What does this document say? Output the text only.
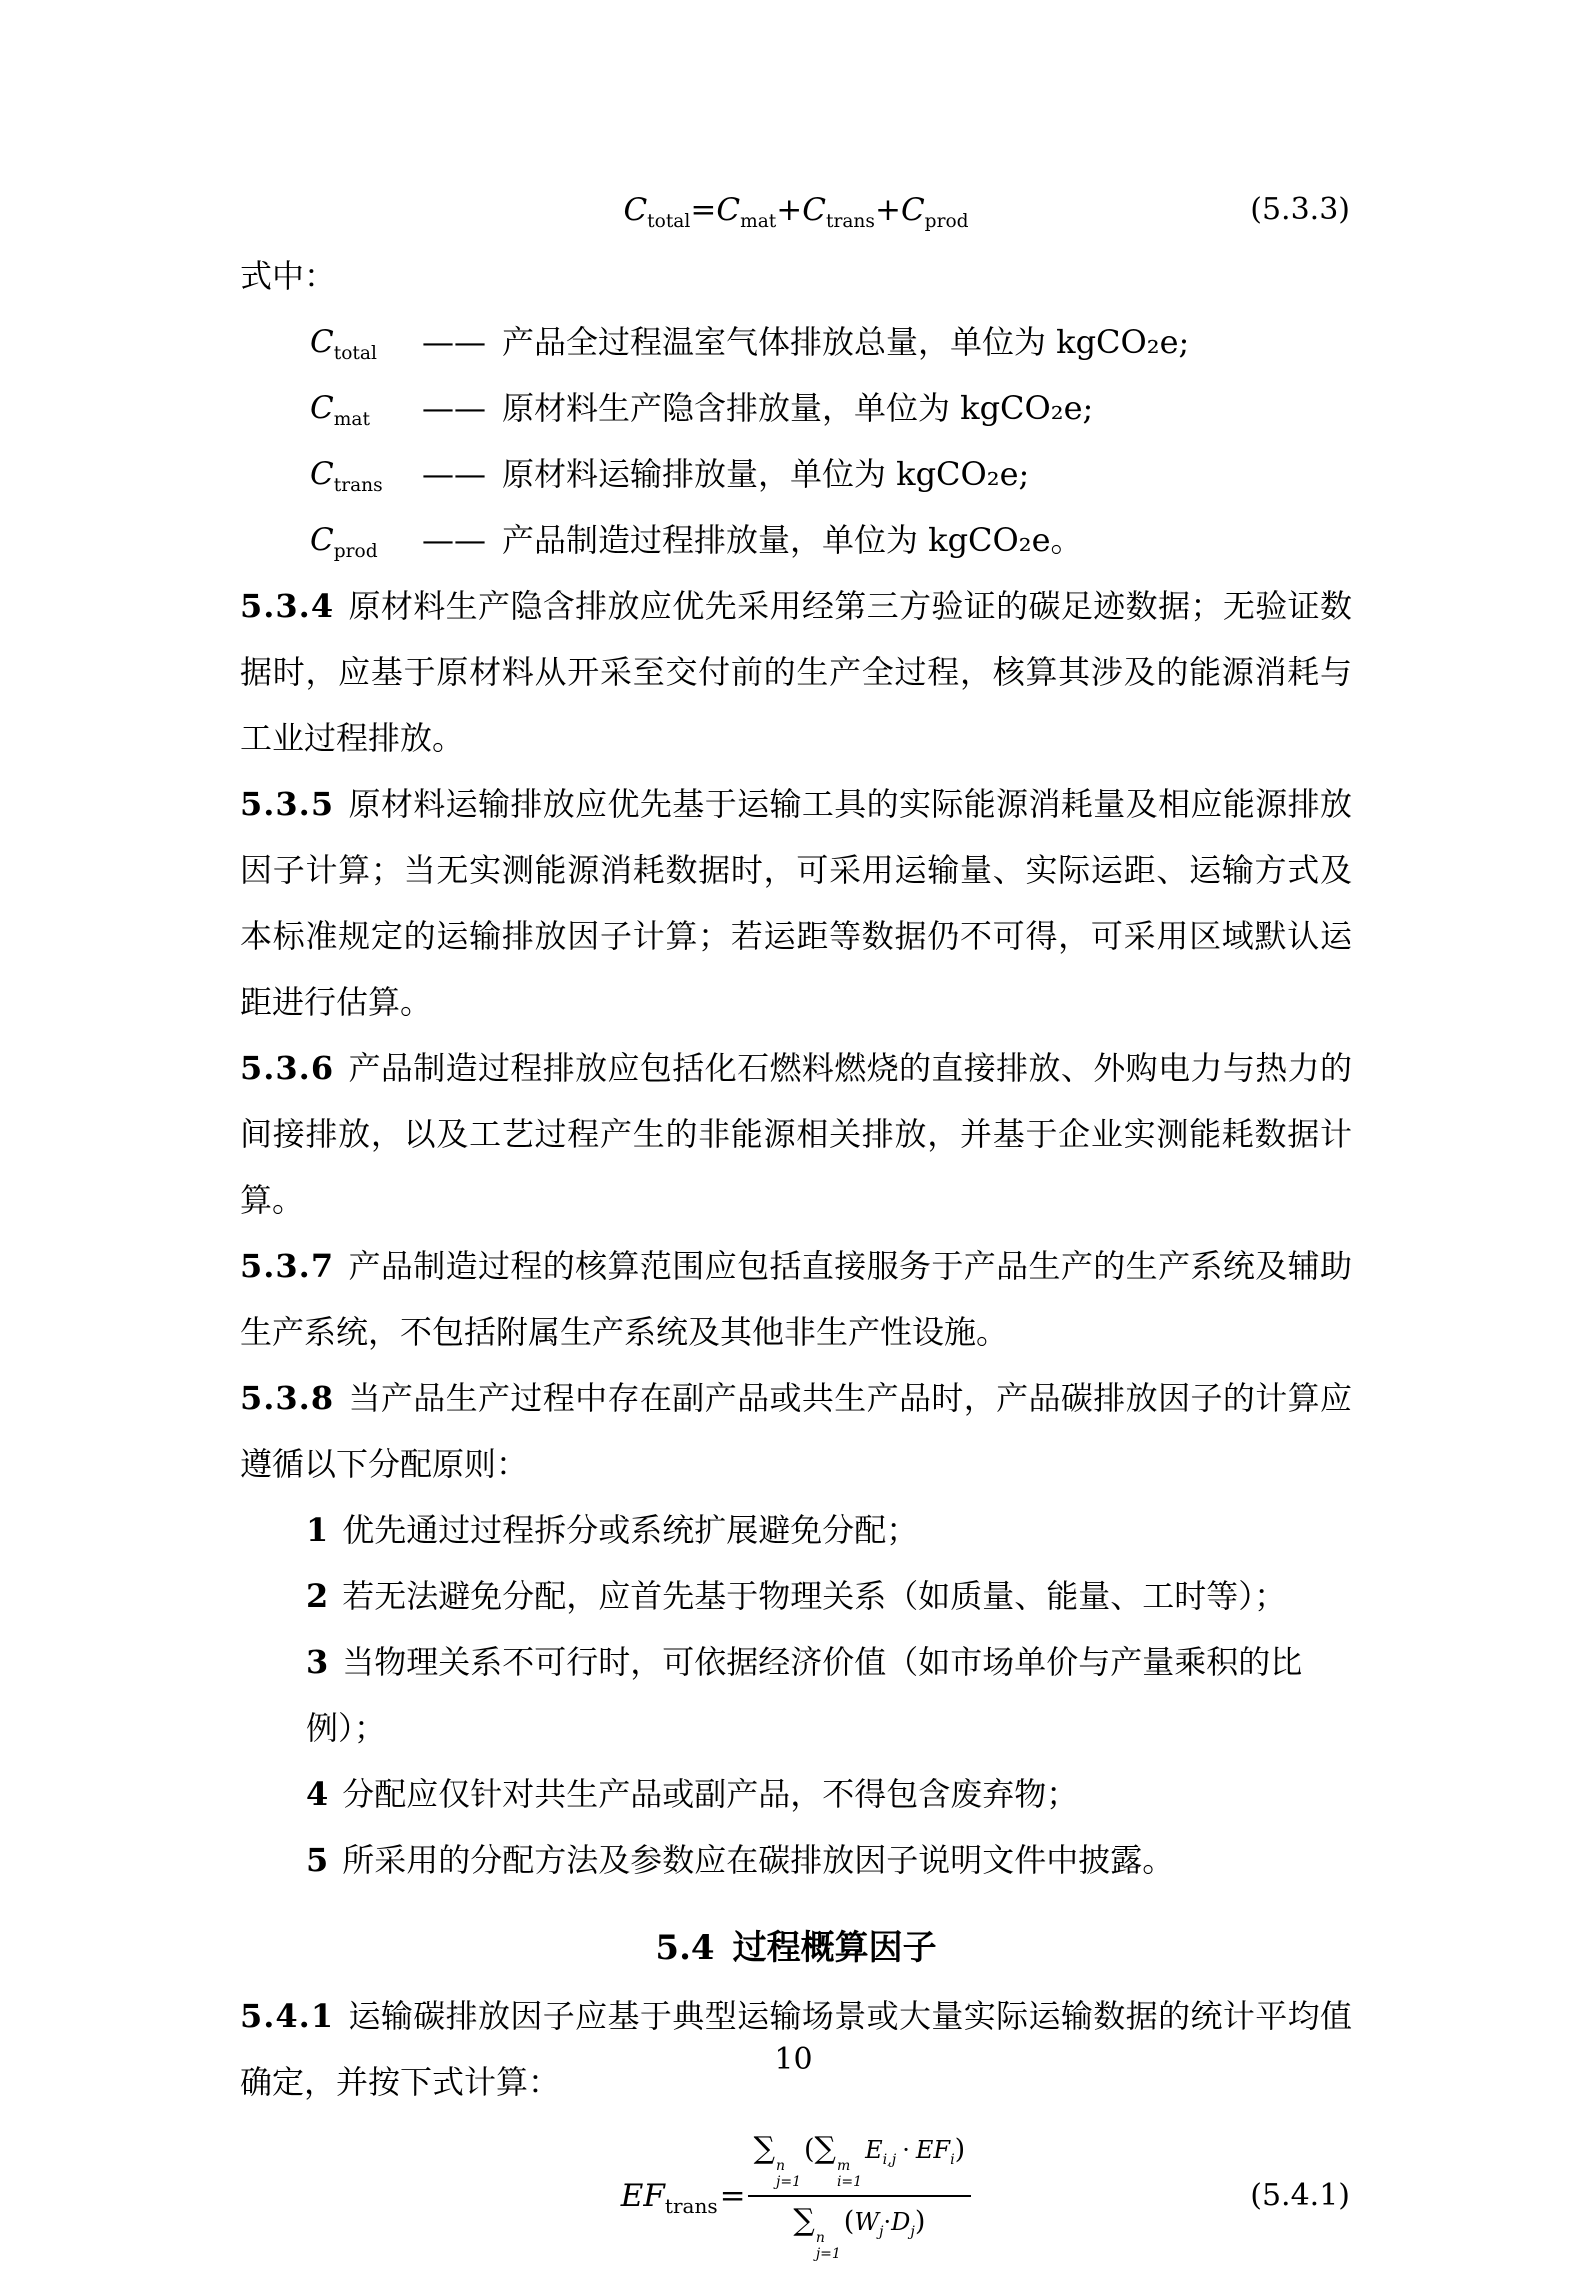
$C_{total}=C_{mat}+C_{trans}+C_{prod}$	(5.3.3)

式中：

$C_{total}$	—— 产品全过程温室气体排放总量，单位为 kgCO₂e;
$C_{mat}$	—— 原材料生产隐含排放量，单位为 kgCO₂e;
$C_{trans}$	—— 原材料运输排放量，单位为 kgCO₂e;
$C_{prod}$	—— 产品制造过程排放量，单位为 kgCO₂e。

5.3.4 原材料生产隐含排放应优先采用经第三方验证的碳足迹数据；无验证数据时，应基于原材料从开采至交付前的生产全过程，核算其涉及的能源消耗与工业过程排放。

5.3.5 原材料运输排放应优先基于运输工具的实际能源消耗量及相应能源排放因子计算；当无实测能源消耗数据时，可采用运输量、实际运距、运输方式及本标准规定的运输排放因子计算；若运距等数据仍不可得，可采用区域默认运距进行估算。

5.3.6 产品制造过程排放应包括化石燃料燃烧的直接排放、外购电力与热力的间接排放，以及工艺过程产生的非能源相关排放，并基于企业实测能耗数据计算。

5.3.7 产品制造过程的核算范围应包括直接服务于产品生产的生产系统及辅助生产系统，不包括附属生产系统及其他非生产性设施。

5.3.8 当产品生产过程中存在副产品或共生产品时，产品碳排放因子的计算应遵循以下分配原则：

1 优先通过过程拆分或系统扩展避免分配；

2 若无法避免分配，应首先基于物理关系（如质量、能量、工时等）；

3 当物理关系不可行时，可依据经济价值（如市场单价与产量乘积的比例）；

4 分配应仅针对共生产品或副产品，不得包含废弃物；

5 所采用的分配方法及参数应在碳排放因子说明文件中披露。

5.4 过程概算因子

5.4.1 运输碳排放因子应基于典型运输场景或大量实际运输数据的统计平均值确定，并按下式计算：

$EF_{trans}$ = ∑ n
j=1
(∑ m
i=1
$E_{i,j} \cdot EF_i$)
∑ n
j=1
$(W_j\cdot D_j)$	(5.4.1)
10
